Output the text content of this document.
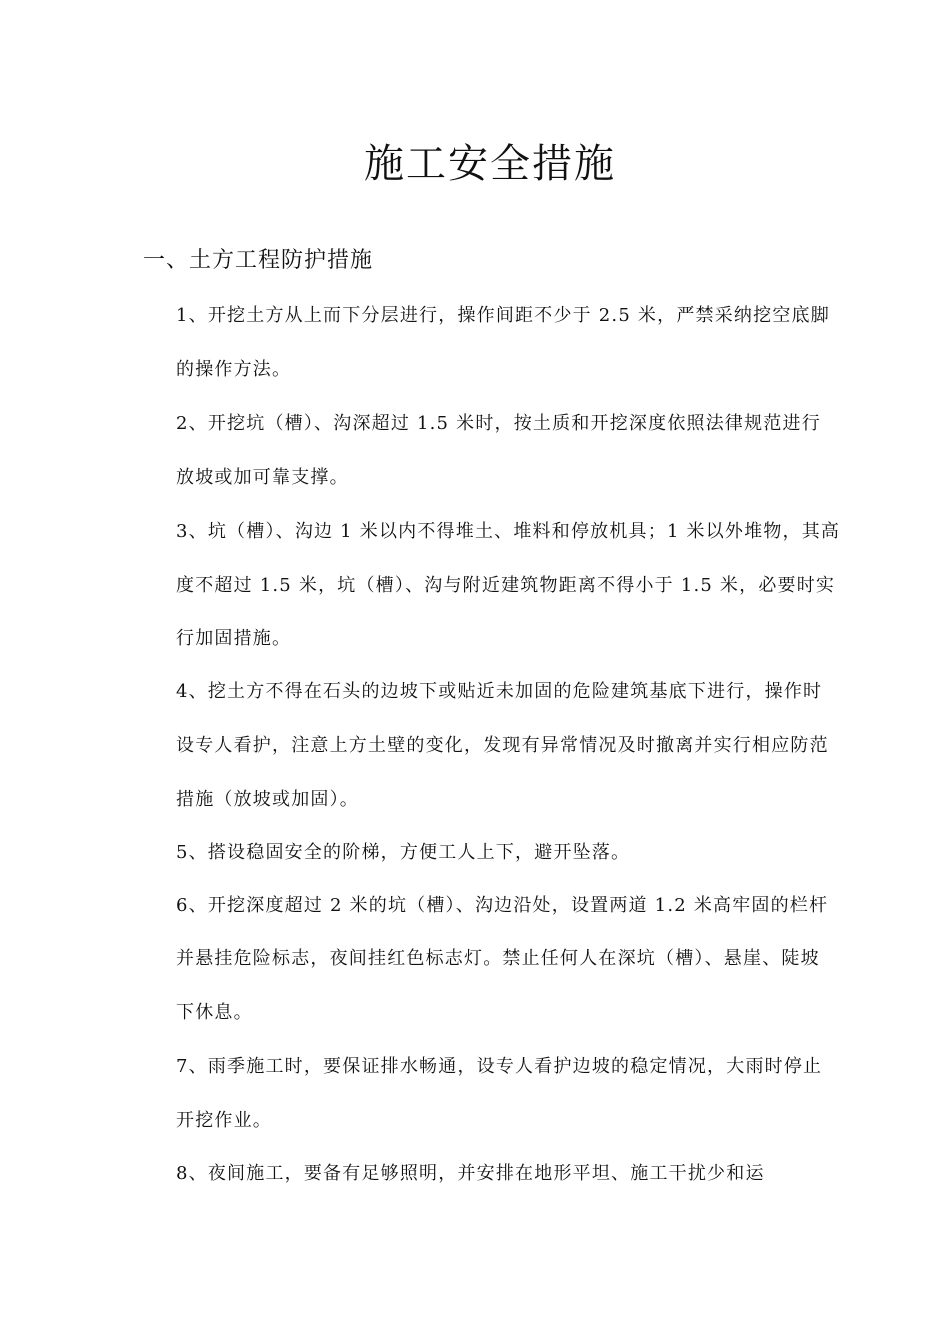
施工安全措施
一、土方工程防护措施
1、开挖土方从上而下分层进行，操作间距不少于 2.5 米，严禁采纳挖空底脚
的操作方法。
2、开挖坑（槽）、沟深超过 1.5 米时，按土质和开挖深度依照法律规范进行
放坡或加可靠支撑。
3、坑（槽）、沟边 1 米以内不得堆土、堆料和停放机具；1 米以外堆物，其高
度不超过 1.5 米，坑（槽）、沟与附近建筑物距离不得小于 1.5 米，必要时实
行加固措施。
4、挖土方不得在石头的边坡下或贴近未加固的危险建筑基底下进行，操作时
设专人看护，注意上方土壁的变化，发现有异常情况及时撤离并实行相应防范
措施（放坡或加固）。
5、搭设稳固安全的阶梯，方便工人上下，避开坠落。
6、开挖深度超过 2 米的坑（槽）、沟边沿处，设置两道 1.2 米高牢固的栏杆
并悬挂危险标志，夜间挂红色标志灯。禁止任何人在深坑（槽）、悬崖、陡坡
下休息。
7、雨季施工时，要保证排水畅通，设专人看护边坡的稳定情况，大雨时停止
开挖作业。
8、夜间施工，要备有足够照明，并安排在地形平坦、施工干扰少和运
